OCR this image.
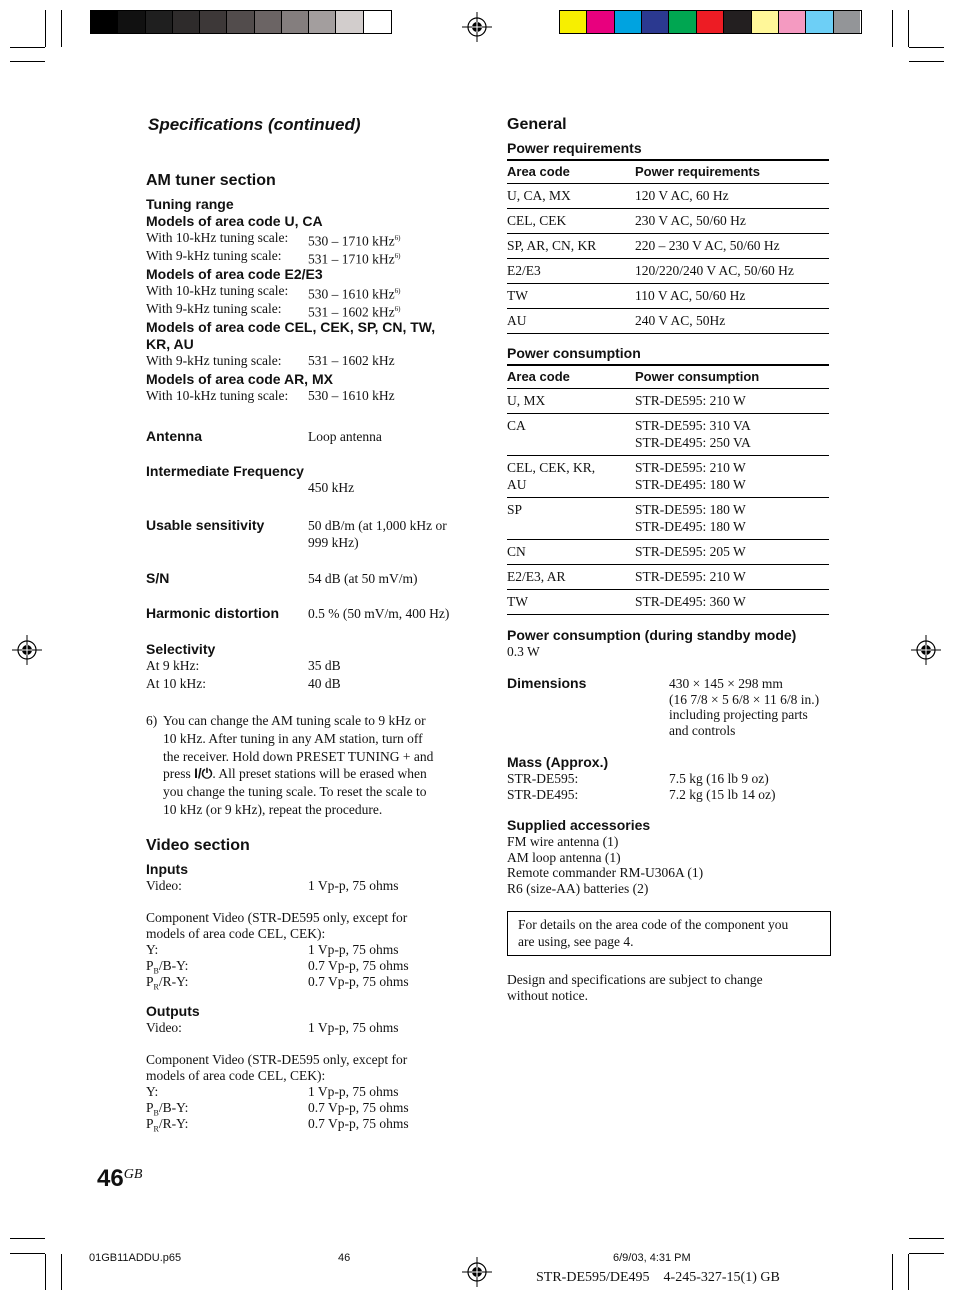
Specifications (continued)
AM tuner section
Tuning range
Models of area code U, CA
With 10-kHz tuning scale: 530 – 1710 kHz$^{6)}$
With 9-kHz tuning scale: 531 – 1710 kHz$^{6)}$
Models of area code E2/E3
With 10-kHz tuning scale: 530 – 1610 kHz$^{6)}$
With 9-kHz tuning scale: 531 – 1602 kHz$^{6)}$
Models of area code CEL, CEK, SP, CN, TW,
KR, AU
With 9-kHz tuning scale: 531 – 1602 kHz
Models of area code AR, MX
With 10-kHz tuning scale: 530 – 1610 kHz
Antenna	Loop antenna
Intermediate Frequency
450 kHz
Usable sensitivity	50 dB/m (at 1,000 kHz or
999 kHz)
S/N	54 dB (at 50 mV/m)
Harmonic distortion 0.5 % (50 mV/m, 400 Hz)
Selectivity
At 9 kHz:	35 dB
At 10 kHz:	40 dB
6) You can change the AM tuning scale to 9 kHz or
10 kHz. After tuning in any AM station, turn off
the receiver. Hold down PRESET TUNING + and
press I/⏻. All preset stations will be erased when
you change the tuning scale. To reset the scale to
10 kHz (or 9 kHz), repeat the procedure.
Video section
Inputs
Video:	1 Vp-p, 75 ohms
Component Video (STR-DE595 only, except for
models of area code CEL, CEK):
Y:	1 Vp-p, 75 ohms
$P_B/B-Y$:	0.7 Vp-p, 75 ohms
$P_R/R-Y$:	0.7 Vp-p, 75 ohms
Outputs
Video:	1 Vp-p, 75 ohms
Component Video (STR-DE595 only, except for
models of area code CEL, CEK):
Y:	1 Vp-p, 75 ohms
$P_B/B-Y$:	0.7 Vp-p, 75 ohms
$P_R/R-Y$:	0.7 Vp-p, 75 ohms
General
Power requirements
Area code	Power requirements
U, CA, MX	120 V AC, 60 Hz
CEL, CEK	230 V AC, 50/60 Hz
SP, AR, CN, KR	220 – 230 V AC, 50/60 Hz
E2/E3	120/220/240 V AC, 50/60 Hz
TW	110 V AC, 50/60 Hz
AU	240 V AC, 50Hz
Power consumption
Area code	Power consumption
U, MX	STR-DE595: 210 W
CA	STR-DE595: 310 VA
STR-DE495: 250 VA

CEL, CEK, KR,
AU	STR-DE595: 210 W
STR-DE495: 180 W

SP	STR-DE595: 180 W
STR-DE495: 180 W

CN	STR-DE595: 205 W
E2/E3, AR	STR-DE595: 210 W
TW	STR-DE495: 360 W
Power consumption (during standby mode)
0.3 W
Dimensions	430 × 145 × 298 mm
(16 7/8 × 5 6/8 × 11 6/8 in.)
including projecting parts
and controls
Mass (Approx.)
STR-DE595:	7.5 kg (16 lb 9 oz)
STR-DE495:	7.2 kg (15 lb 14 oz)
Supplied accessories
FM wire antenna (1)
AM loop antenna (1)
Remote commander RM-U306A (1)
R6 (size-AA) batteries (2)
For details on the area code of the component you
are using, see page 4.
Design and specifications are subject to change
without notice.
$46^{GB}$
01GB11ADDU.p65	46	6/9/03, 4:31 PM
STR-DE595/DE495    4-245-327-15(1) GB
